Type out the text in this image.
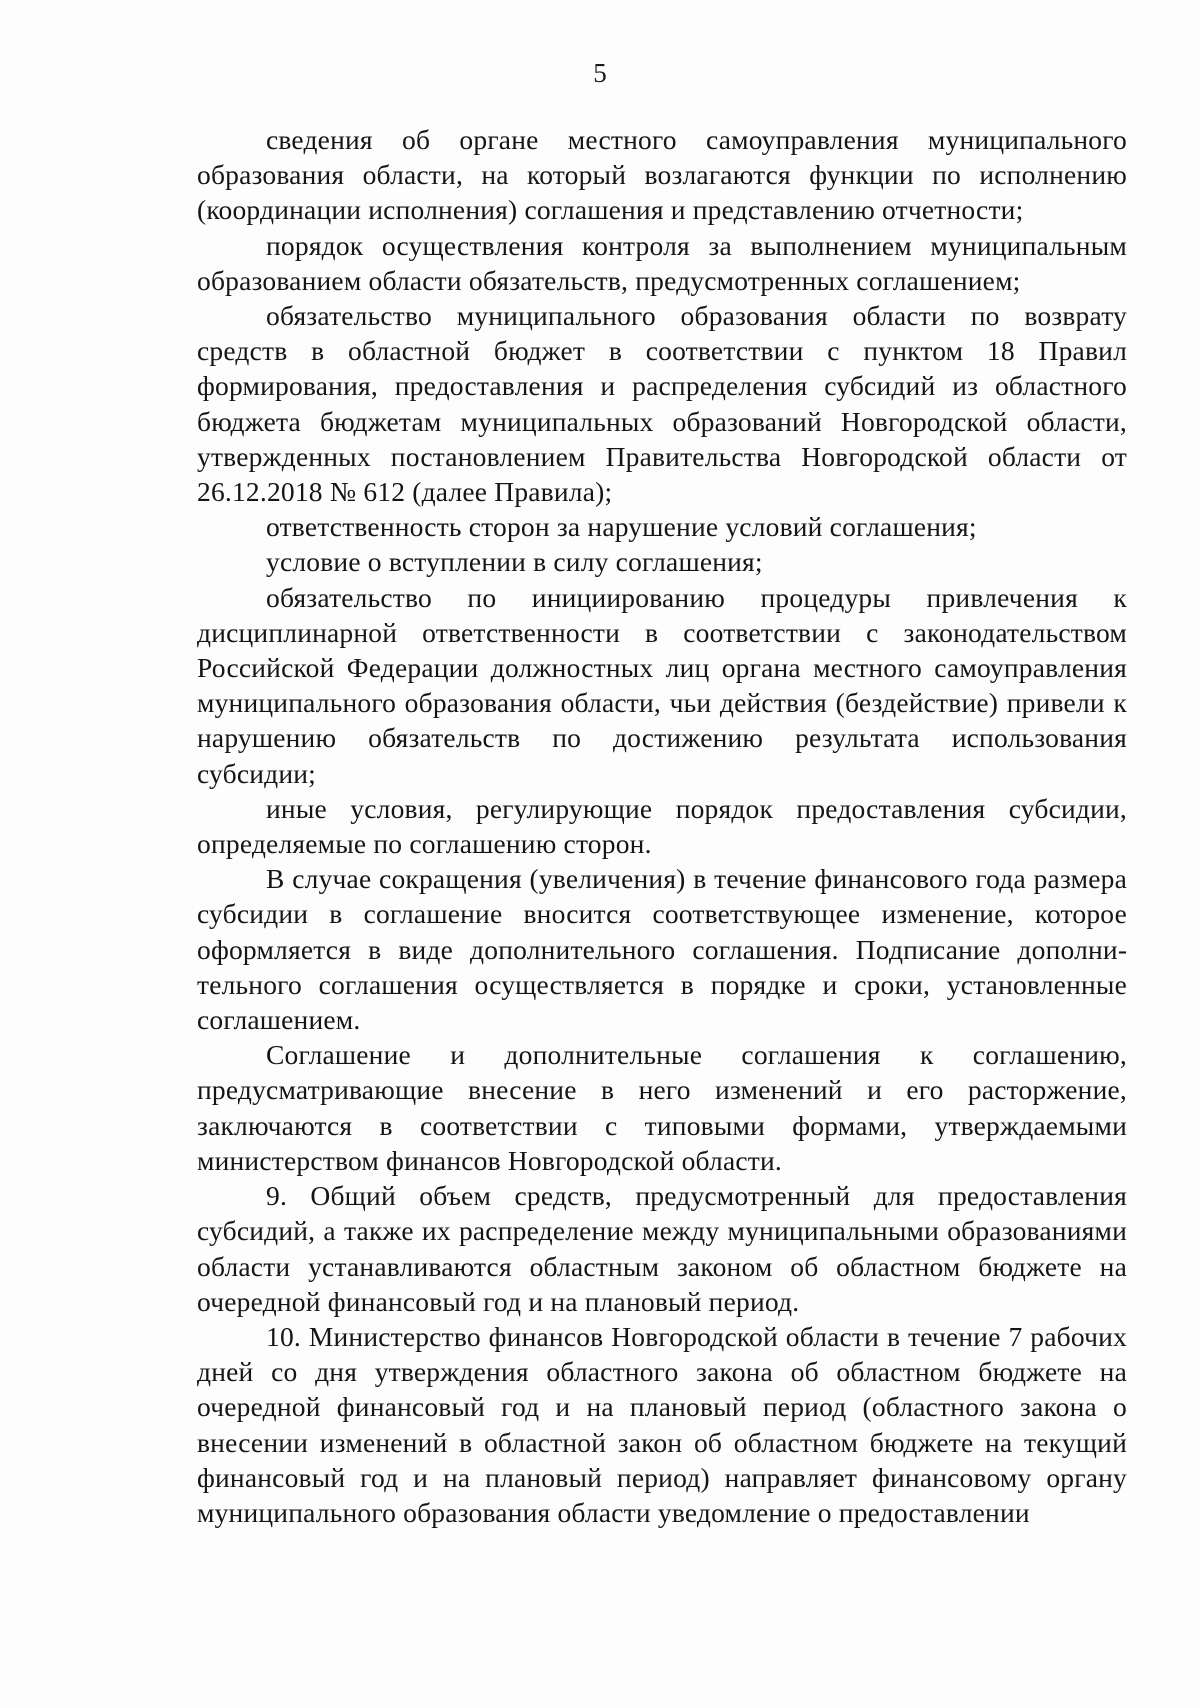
5

сведения об органе местного самоуправления муниципального образования области, на который возлагаются функции по исполнению (координации исполнения) соглашения и представлению отчетности;

порядок осуществления контроля за выполнением муниципальным образованием области обязательств, предусмотренных соглашением;

обязательство муниципального образования области по возврату средств в областной бюджет в соответствии с пунктом 18 Правил формирования, предоставления и распределения субсидий из областного бюджета бюджетам муниципальных образований Новгородской области, утвержденных постановлением Правительства Новгородской области от 26.12.2018 № 612 (далее Правила);

ответственность сторон за нарушение условий соглашения;

условие о вступлении в силу соглашения;

обязательство по инициированию процедуры привлечения к дисциплинарной ответственности в соответствии с законодательством Российской Федерации должностных лиц органа местного самоуправления муниципального образования области, чьи действия (бездействие) привели к нарушению обязательств по достижению результата использования субсидии;

иные условия, регулирующие порядок предоставления субсидии, определяемые по соглашению сторон.

В случае сокращения (увеличения) в течение финансового года размера субсидии в соглашение вносится соответствующее изменение, которое оформляется в виде дополнительного соглашения. Подписание дополнительного соглашения осуществляется в порядке и сроки, установленные соглашением.

Соглашение и дополнительные соглашения к соглашению, предусматривающие внесение в него изменений и его расторжение, заключаются в соответствии с типовыми формами, утверждаемыми министерством финансов Новгородской области.

9. Общий объем средств, предусмотренный для предоставления субсидий, а также их распределение между муниципальными образованиями области устанавливаются областным законом об областном бюджете на очередной финансовый год и на плановый период.

10. Министерство финансов Новгородской области в течение 7 рабочих дней со дня утверждения областного закона об областном бюджете на очередной финансовый год и на плановый период (областного закона о внесении изменений в областной закон об областном бюджете на текущий финансовый год и на плановый период) направляет финансовому органу муниципального образования области уведомление о предоставлении
